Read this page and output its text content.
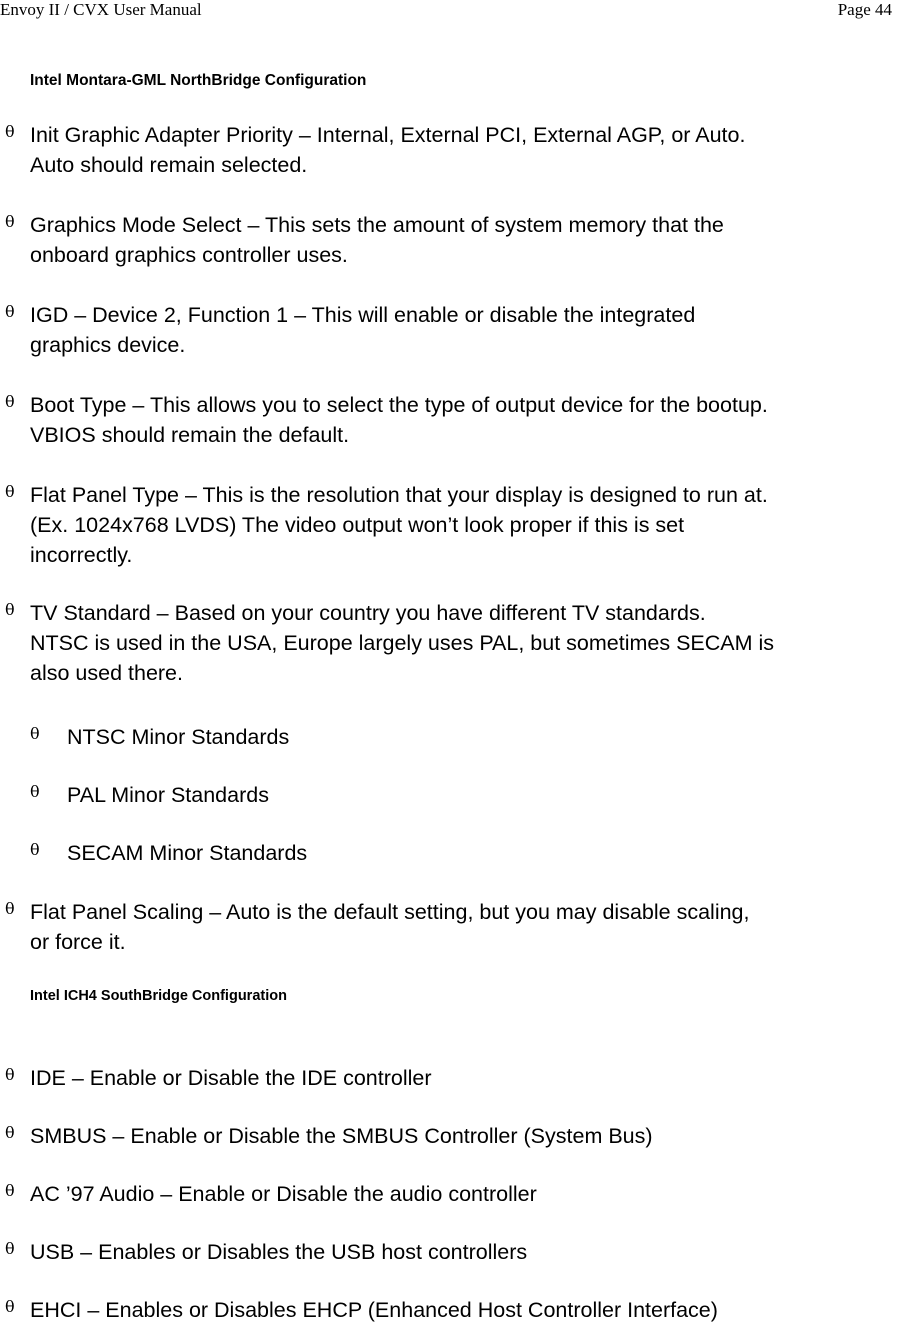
Envoy II / CVX User Manual	Page 44
Intel Montara-GML NorthBridge Configuration
θ Init Graphic Adapter Priority – Internal, External PCI, External AGP, or Auto.
Auto should remain selected.
θ Graphics Mode Select – This sets the amount of system memory that the
onboard graphics controller uses.
θ IGD – Device 2, Function 1 – This will enable or disable the integrated
graphics device.
θ Boot Type – This allows you to select the type of output device for the bootup.
VBIOS should remain the default.
θ Flat Panel Type – This is the resolution that your display is designed to run at.
(Ex. 1024x768 LVDS) The video output won’t look proper if this is set
incorrectly.
θ TV Standard – Based on your country you have different TV standards.
NTSC is used in the USA, Europe largely uses PAL, but sometimes SECAM is
also used there.
θ NTSC Minor Standards
θ PAL Minor Standards
θ SECAM Minor Standards
θ Flat Panel Scaling – Auto is the default setting, but you may disable scaling,
or force it.
Intel ICH4 SouthBridge Configuration
θ IDE – Enable or Disable the IDE controller
θ SMBUS – Enable or Disable the SMBUS Controller (System Bus)
θ AC ’97 Audio – Enable or Disable the audio controller
θ USB – Enables or Disables the USB host controllers
θ EHCI – Enables or Disables EHCP (Enhanced Host Controller Interface)
